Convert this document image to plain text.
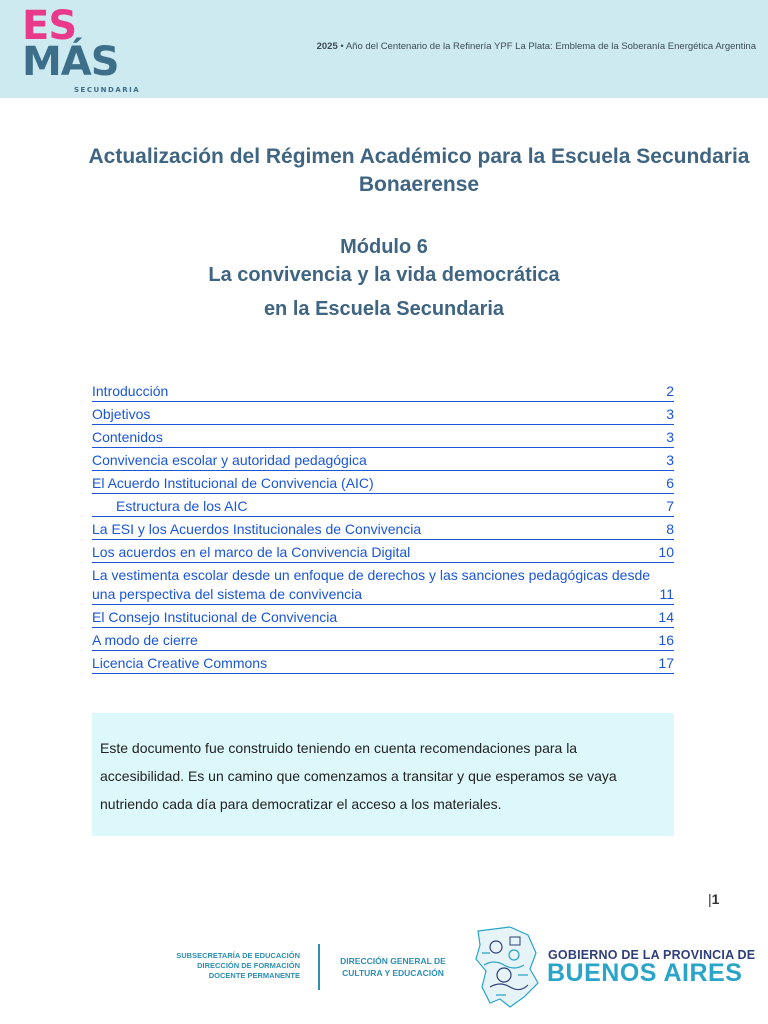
ES
MÁS
SECUNDARIA
2025 • Año del Centenario de la Refinería YPF La Plata: Emblema de la Soberanía Energética Argentina
Actualización del Régimen Académico para la Escuela Secundaria Bonaerense
Módulo 6
La convivencia y la vida democrática
en la Escuela Secundaria
Introducción	2
Objetivos	3
Contenidos	3
Convivencia escolar y autoridad pedagógica	3
El Acuerdo Institucional de Convivencia (AIC)	6
Estructura de los AIC	7
La ESI y los Acuerdos Institucionales de Convivencia	8
Los acuerdos en el marco de la Convivencia Digital	10
La vestimenta escolar desde un enfoque de derechos y las sanciones pedagógicas desde una perspectiva del sistema de convivencia	11
El Consejo Institucional de Convivencia	14
A modo de cierre	16
Licencia Creative Commons	17

Este documento fue construido teniendo en cuenta recomendaciones para la accesibilidad. Es un camino que comenzamos a transitar y que esperamos se vaya nutriendo cada día para democratizar el acceso a los materiales.

|1
SUBSECRETARÍA DE EDUCACIÓN
DIRECCIÓN DE FORMACIÓN
DOCENTE PERMANENTE
DIRECCIÓN GENERAL DE
CULTURA Y EDUCACIÓN
GOBIERNO DE LA PROVINCIA DE
BUENOS AIRES
